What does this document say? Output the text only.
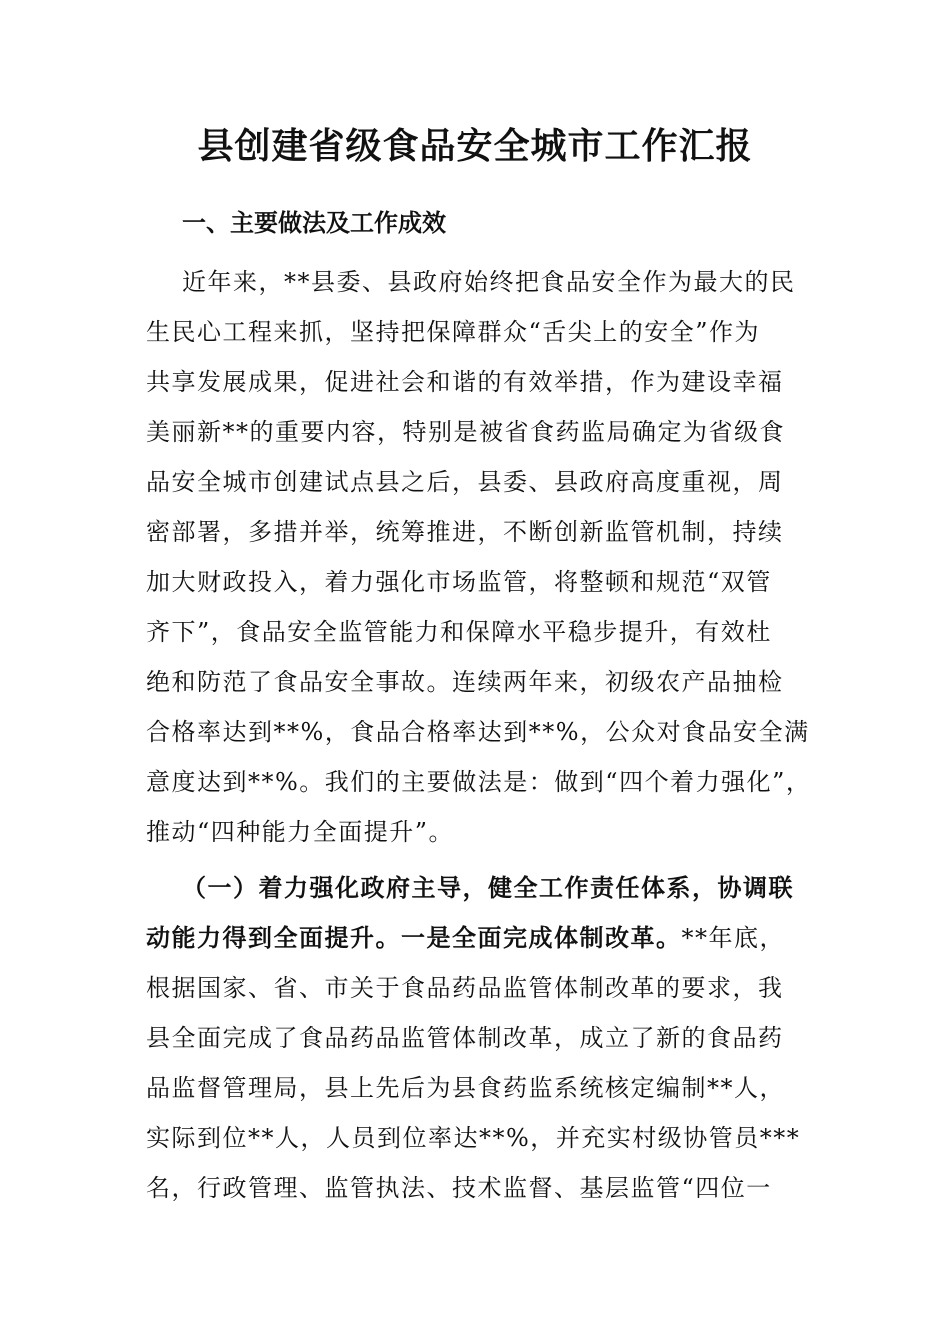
县创建省级食品安全城市工作汇报
一、主要做法及工作成效
近年来，**县委、县政府始终把食品安全作为最大的民
生民心工程来抓，坚持把保障群众“舌尖上的安全”作为
共享发展成果，促进社会和谐的有效举措，作为建设幸福
美丽新**的重要内容，特别是被省食药监局确定为省级食
品安全城市创建试点县之后，县委、县政府高度重视，周
密部署，多措并举，统筹推进，不断创新监管机制，持续
加大财政投入，着力强化市场监管，将整顿和规范“双管
齐下”，食品安全监管能力和保障水平稳步提升，有效杜
绝和防范了食品安全事故。连续两年来，初级农产品抽检
合格率达到**%，食品合格率达到**%，公众对食品安全满
意度达到**%。我们的主要做法是：做到“四个着力强化”，
推动“四种能力全面提升”。
（一）着力强化政府主导，健全工作责任体系，协调联
动能力得到全面提升。一是全面完成体制改革。**年底，
根据国家、省、市关于食品药品监管体制改革的要求，我
县全面完成了食品药品监管体制改革，成立了新的食品药
品监督管理局，县上先后为县食药监系统核定编制**人，
实际到位**人，人员到位率达**%，并充实村级协管员***
名，行政管理、监管执法、技术监督、基层监管“四位一
